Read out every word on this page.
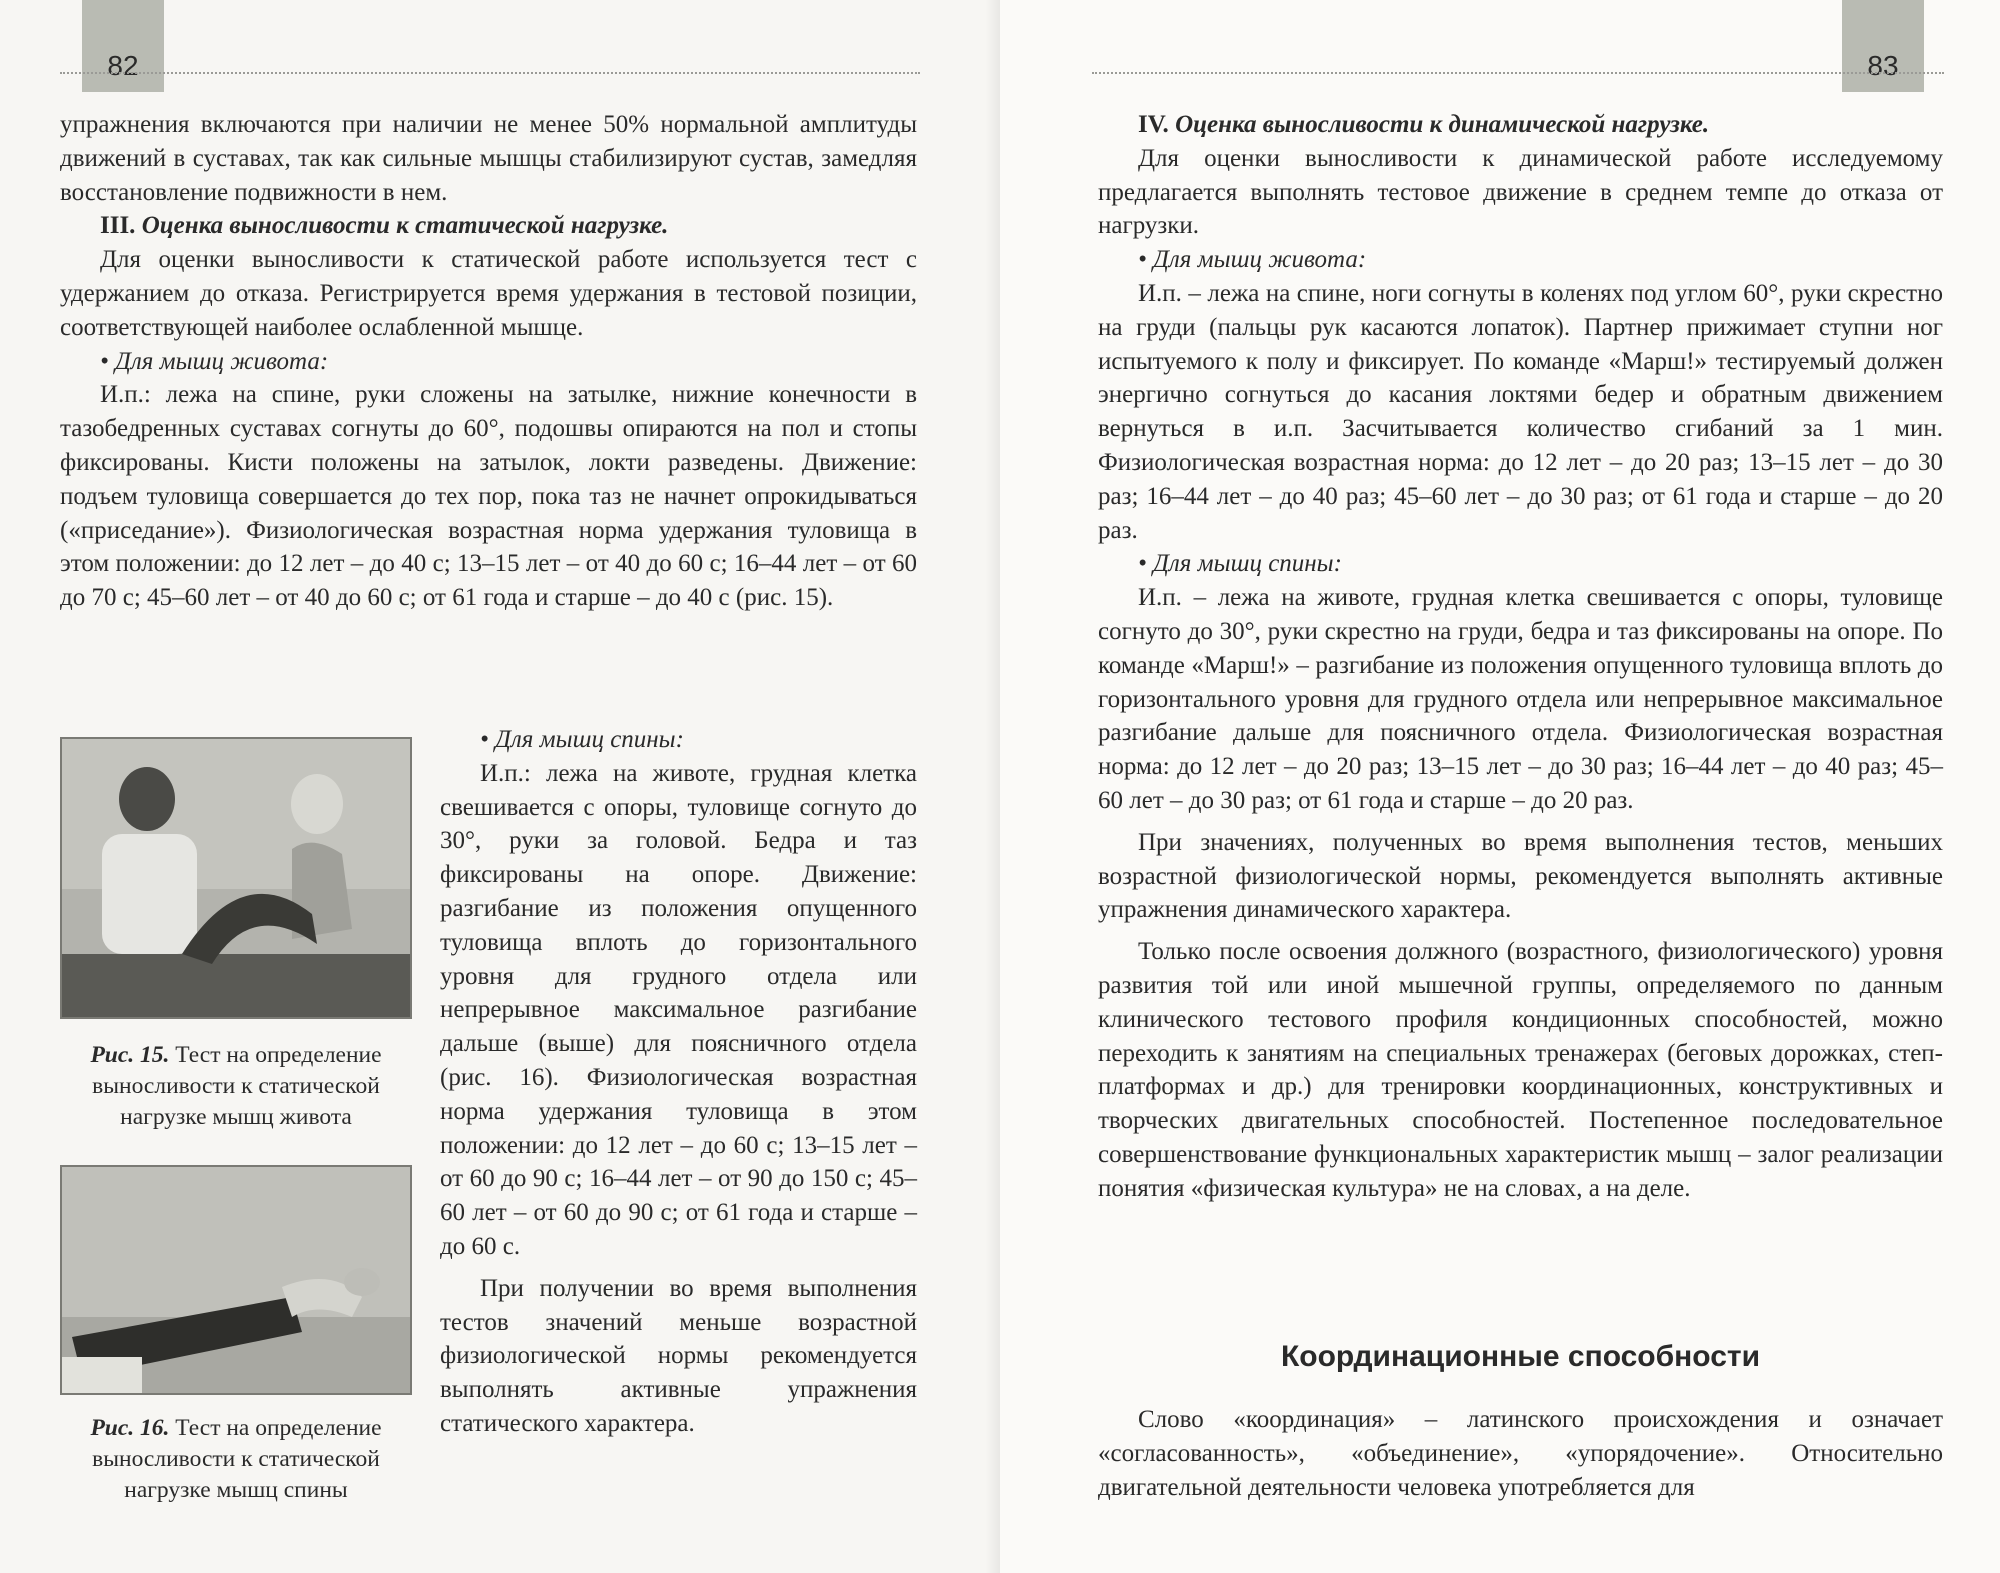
82

упражнения включаются при наличии не менее 50% нормальной амплитуды движений в суставах, так как сильные мышцы стабилизируют сустав, замедляя восстановление подвижности в нем.

III. Оценка выносливости к статической нагрузке.

Для оценки выносливости к статической работе используется тест с удержанием до отказа. Регистрируется время удержания в тестовой позиции, соответствующей наиболее ослабленной мышце.

• Для мышц живота:

И.п.: лежа на спине, руки сложены на затылке, нижние конечности в тазобедренных суставах согнуты до 60°, подошвы опираются на пол и стопы фиксированы. Кисти положены на затылок, локти разведены. Движение: подъем туловища совершается до тех пор, пока таз не начнет опрокидываться («приседание»). Физиологическая возрастная норма удержания туловища в этом положении: до 12 лет – до 40 с; 13–15 лет – от 40 до 60 с; 16–44 лет – от 60 до 70 с; 45–60 лет – от 40 до 60 с; от 61 года и старше – до 40 с (рис. 15).

Рис. 15. Тест на определение выносливости к статической нагрузке мышц живота
Рис. 16. Тест на определение выносливости к статической нагрузке мышц спины

• Для мышц спины:

И.п.: лежа на животе, грудная клетка свешивается с опоры, туловище согнуто до 30°, руки за головой. Бедра и таз фиксированы на опоре. Движение: разгибание из положения опущенного туловища вплоть до горизонтального уровня для грудного отдела или непрерывное максимальное разгибание дальше (выше) для поясничного отдела (рис. 16). Физиологическая возрастная норма удержания туловища в этом положении: до 12 лет – до 60 с; 13–15 лет – от 60 до 90 с; 16–44 лет – от 90 до 150 с; 45–60 лет – от 60 до 90 с; от 61 года и старше – до 60 с.

При получении во время выполнения тестов значений меньше возрастной физиологической нормы рекомендуется выполнять активные упражнения статического характера.

83

IV. Оценка выносливости к динамической нагрузке.

Для оценки выносливости к динамической работе исследуемому предлагается выполнять тестовое движение в среднем темпе до отказа от нагрузки.

• Для мышц живота:

И.п. – лежа на спине, ноги согнуты в коленях под углом 60°, руки скрестно на груди (пальцы рук касаются лопаток). Партнер прижимает ступни ног испытуемого к полу и фиксирует. По команде «Марш!» тестируемый должен энергично согнуться до касания локтями бедер и обратным движением вернуться в и.п. Засчитывается количество сгибаний за 1 мин. Физиологическая возрастная норма: до 12 лет – до 20 раз; 13–15 лет – до 30 раз; 16–44 лет – до 40 раз; 45–60 лет – до 30 раз; от 61 года и старше – до 20 раз.

• Для мышц спины:

И.п. – лежа на животе, грудная клетка свешивается с опоры, туловище согнуто до 30°, руки скрестно на груди, бедра и таз фиксированы на опоре. По команде «Марш!» – разгибание из положения опущенного туловища вплоть до горизонтального уровня для грудного отдела или непрерывное максимальное разгибание дальше для поясничного отдела. Физиологическая возрастная норма: до 12 лет – до 20 раз; 13–15 лет – до 30 раз; 16–44 лет – до 40 раз; 45–60 лет – до 30 раз; от 61 года и старше – до 20 раз.

При значениях, полученных во время выполнения тестов, меньших возрастной физиологической нормы, рекомендуется выполнять активные упражнения динамического характера.

Только после освоения должного (возрастного, физиологического) уровня развития той или иной мышечной группы, определяемого по данным клинического тестового профиля кондиционных способностей, можно переходить к занятиям на специальных тренажерах (беговых дорожках, степ-платформах и др.) для тренировки координационных, конструктивных и творческих двигательных способностей. Постепенное последовательное совершенствование функциональных характеристик мышц – залог реализации понятия «физическая культура» не на словах, а на деле.

Координационные способности

Слово «координация» – латинского происхождения и означает «согласованность», «объединение», «упорядочение». Относительно двигательной деятельности человека употребляется для
